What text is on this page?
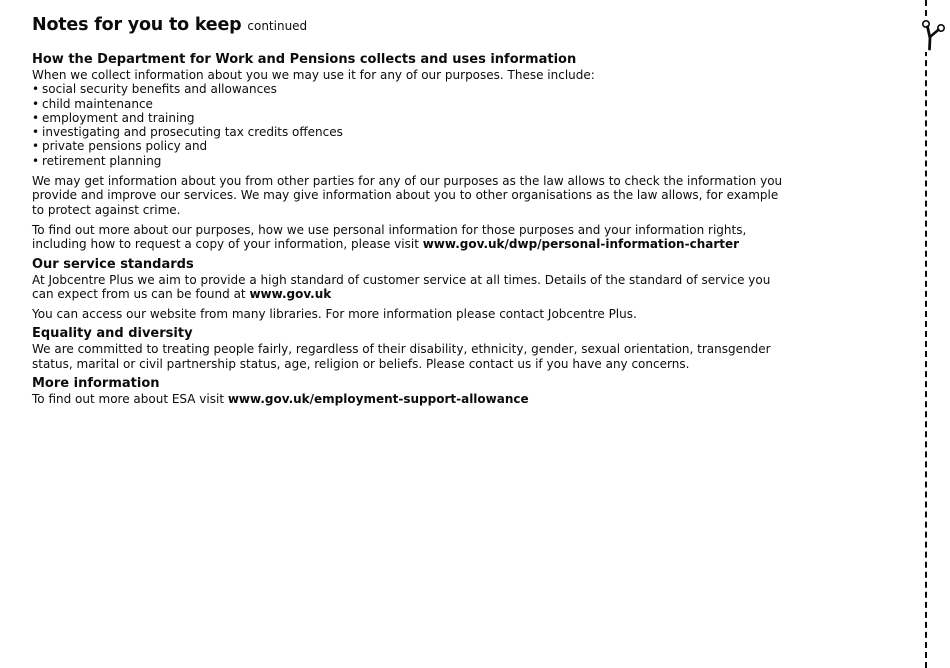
Notes for you to keep continued
How the Department for Work and Pensions collects and uses information

When we collect information about you we may use it for any of our purposes. These include:

• social security benefits and allowances
• child maintenance
• employment and training
• investigating and prosecuting tax credits offences
• private pensions policy and
• retirement planning

We may get information about you from other parties for any of our purposes as the law allows to check the information you provide and improve our services. We may give information about you to other organisations as the law allows, for example to protect against crime.

To find out more about our purposes, how we use personal information for those purposes and your information rights, including how to request a copy of your information, please visit www.gov.uk/dwp/personal-information-charter

Our service standards

At Jobcentre Plus we aim to provide a high standard of customer service at all times. Details of the standard of service you can expect from us can be found at www.gov.uk

You can access our website from many libraries. For more information please contact Jobcentre Plus.

Equality and diversity

We are committed to treating people fairly, regardless of their disability, ethnicity, gender, sexual orientation, transgender status, marital or civil partnership status, age, religion or beliefs. Please contact us if you have any concerns.

More information

To find out more about ESA visit www.gov.uk/employment-support-allowance
